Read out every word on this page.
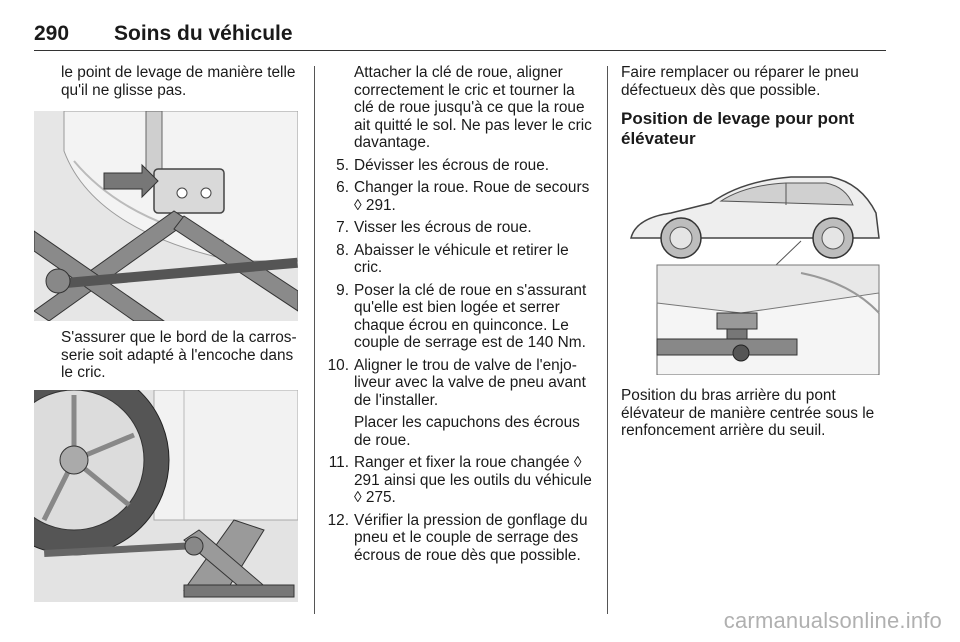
290 Soins du véhicule

le point de levage de manière telle qu'il ne glisse pas.

S'assurer que le bord de la carrosserie soit adapté à l'encoche dans le cric.

Attacher la clé de roue, aligner correctement le cric et tourner la clé de roue jusqu'à ce que la roue ait quitté le sol. Ne pas lever le cric davantage.

5. Dévisser les écrous de roue.
6. Changer la roue. Roue de secours ◊ 291.
7. Visser les écrous de roue.
8. Abaisser le véhicule et retirer le cric.
9. Poser la clé de roue en s'assurant qu'elle est bien logée et serrer chaque écrou en quinconce. Le couple de serrage est de 140 Nm.
10. Aligner le trou de valve de l'enjoliveur avec la valve de pneu avant de l'installer.

Placer les capuchons des écrous de roue.

11. Ranger et fixer la roue changée ◊ 291 ainsi que les outils du véhicule ◊ 275.
12. Vérifier la pression de gonflage du pneu et le couple de serrage des écrous de roue dès que possible.

Faire remplacer ou réparer le pneu défectueux dès que possible.

Position de levage pour pont élévateur

Position du bras arrière du pont élévateur de manière centrée sous le renfoncement arrière du seuil.

carmanualsonline.info
